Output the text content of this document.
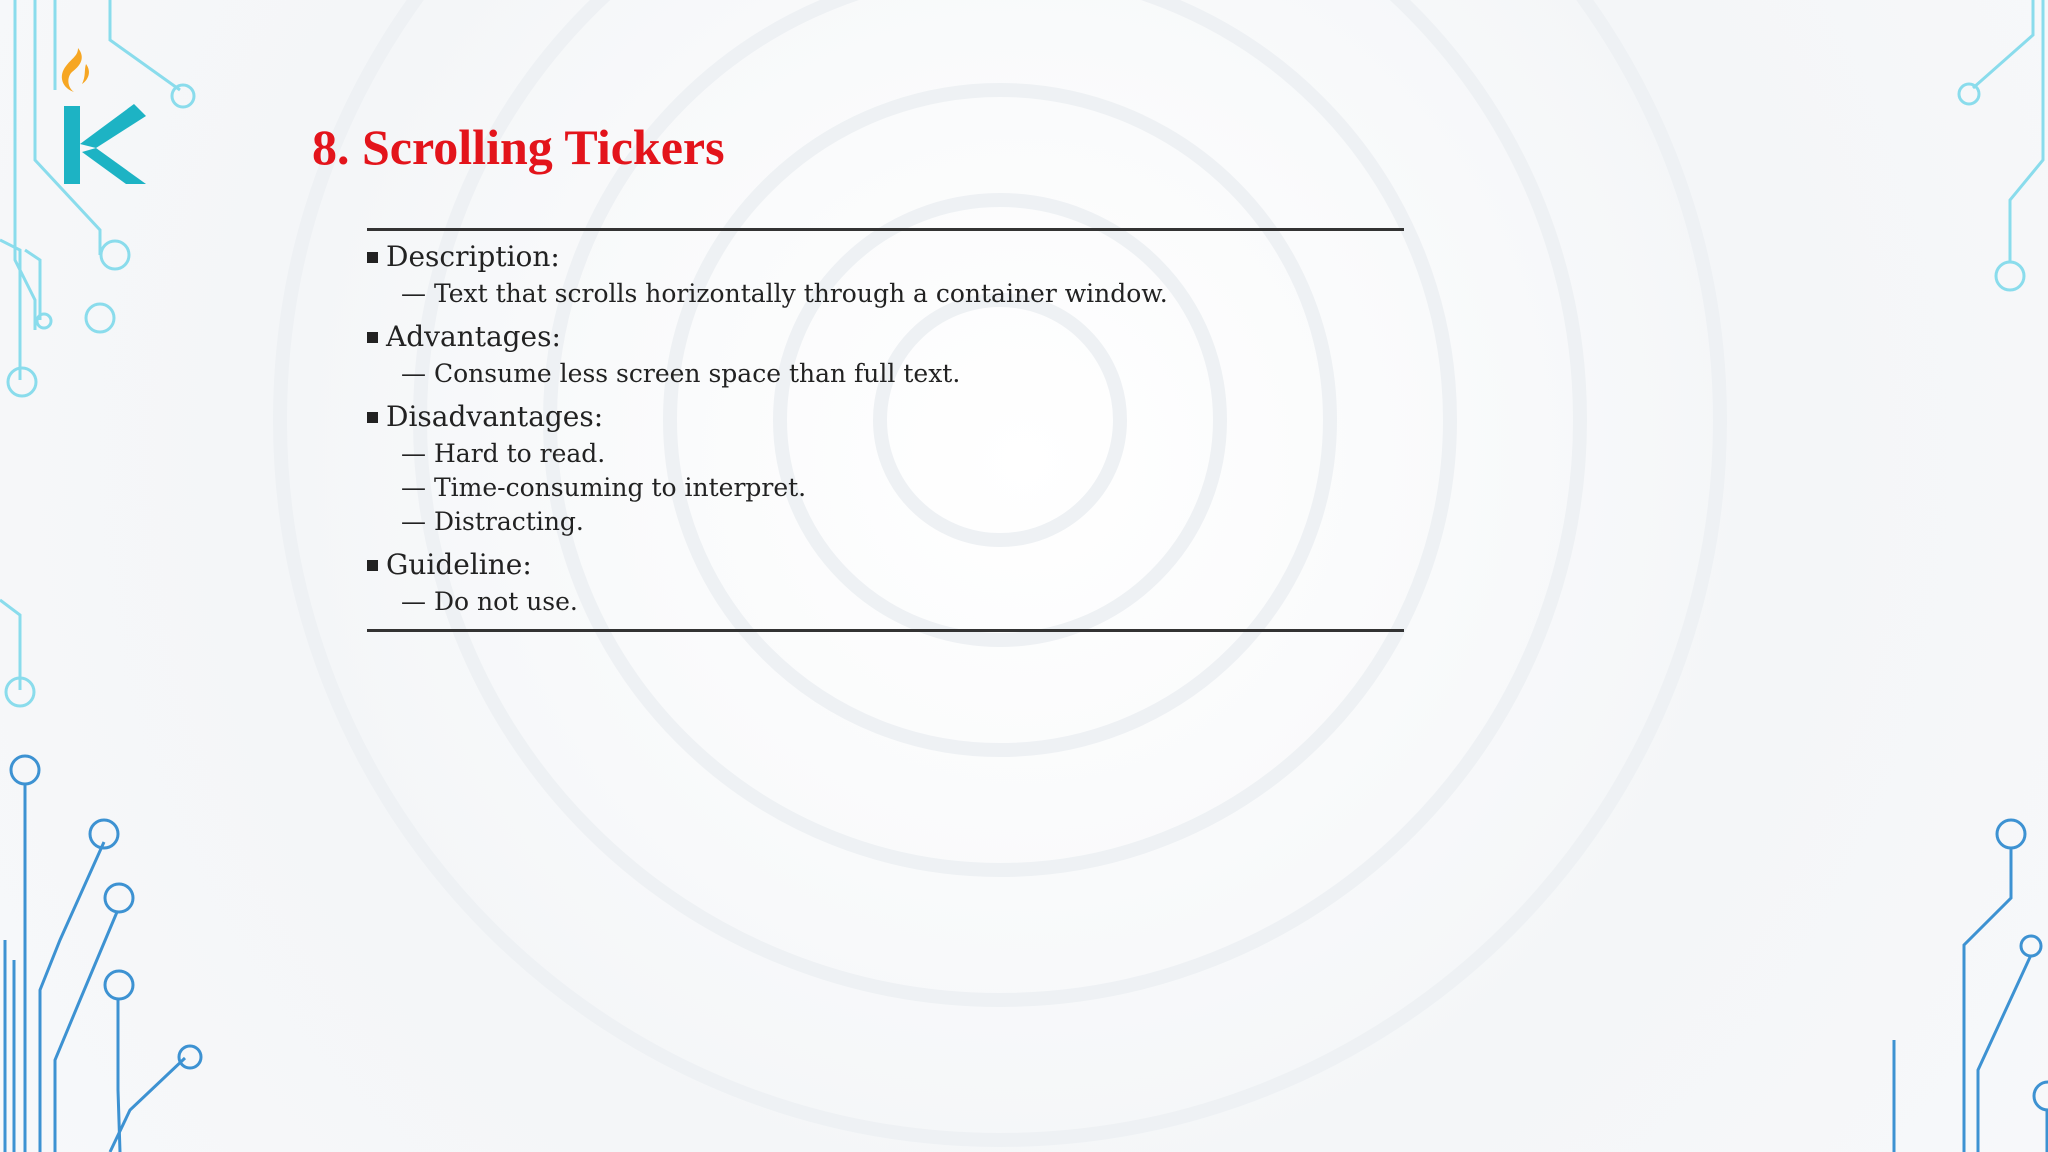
8. Scrolling Tickers
Description:
— Text that scrolls horizontally through a container window.
Advantages:
— Consume less screen space than full text.
Disadvantages:
— Hard to read.
— Time-consuming to interpret.
— Distracting.
Guideline:
— Do not use.
